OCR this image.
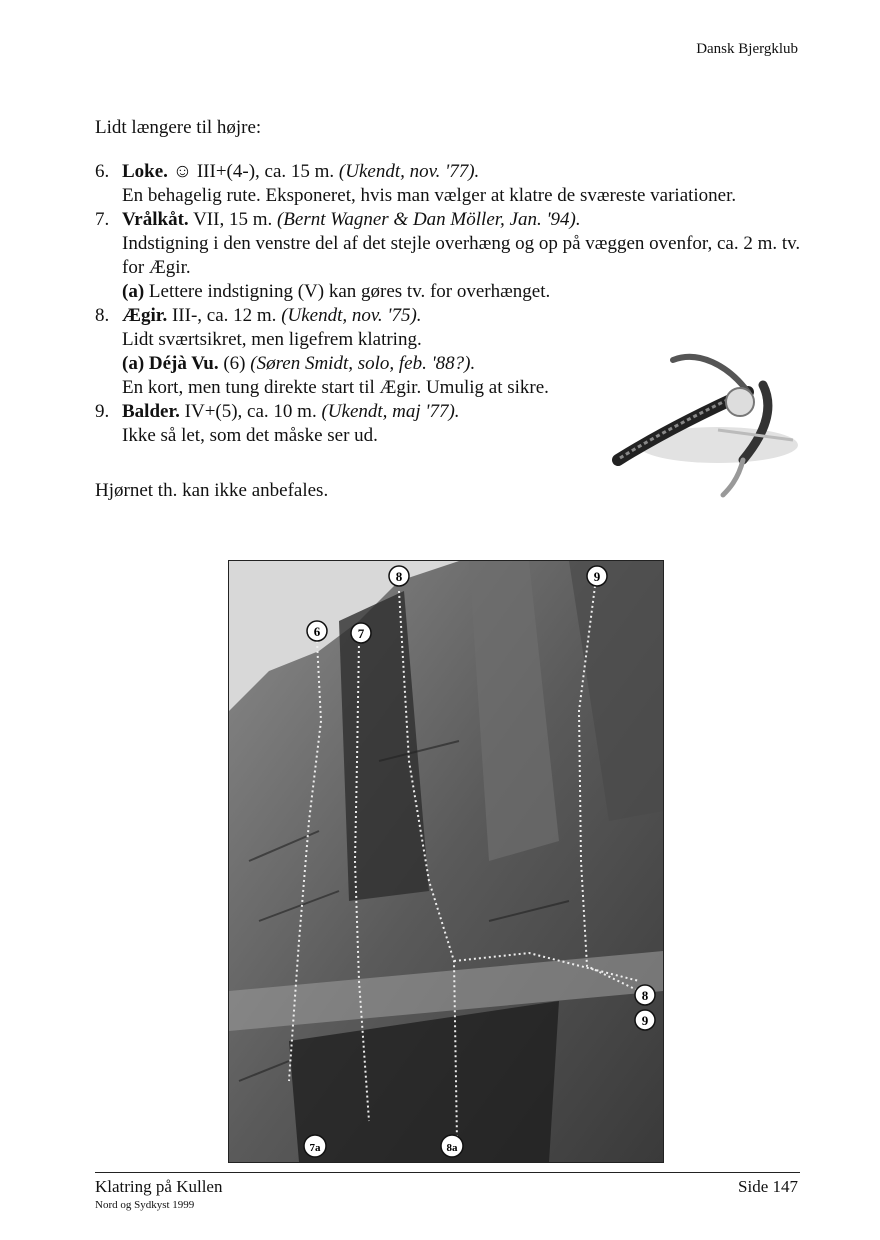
Dansk Bjergklub
Lidt længere til højre:
6. Loke. ☺ III+(4-), ca. 15 m. (Ukendt, nov. '77).
En behagelig rute. Eksponeret, hvis man vælger at klatre de sværeste variationer.
7. Vrålkåt. VII, 15 m. (Bernt Wagner & Dan Möller, Jan. '94).
Indstigning i den venstre del af det stejle overhæng og op på væggen ovenfor, ca. 2 m. tv. for Ægir.
(a) Lettere indstigning (V) kan gøres tv. for overhænget.
8. Ægir. III-, ca. 12 m. (Ukendt, nov. '75).
Lidt sværtsikret, men ligefrem klatring.
(a) Déjà Vu. (6) (Søren Smidt, solo, feb. '88?).
En kort, men tung direkte start til Ægir. Umulig at sikre.
9. Balder. IV+(5), ca. 10 m. (Ukendt, maj '77).
Ikke så let, som det måske ser ud.
Hjørnet th. kan ikke anbefales.
8	9
6	7
8
9
7a	8a
Klatring på Kullen
Nord og Sydkyst 1999
Side 147
